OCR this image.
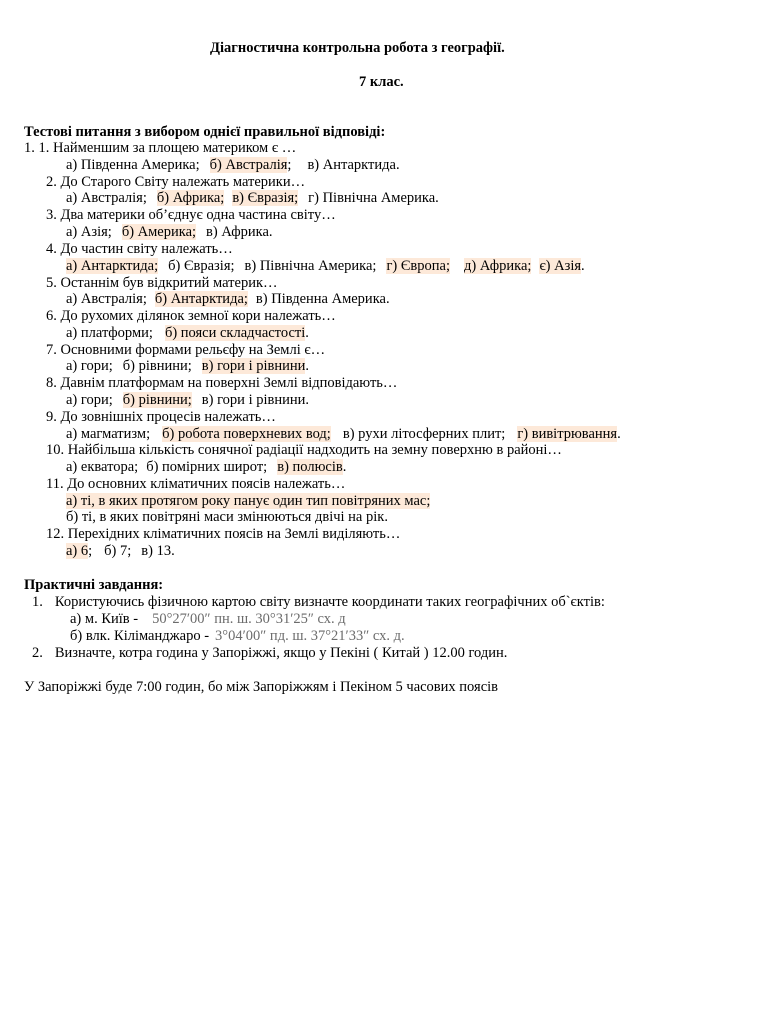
Діагностична контрольна робота з географії.
7 клас.
Тестові питання з вибором однієї правильної відповіді:
1. 1. Найменшим за площею материком є …
а) Південна Америка; б) Австралія; в) Антарктида.
2. До Старого Світу належать материки…
а) Австралія; б) Африка; в) Євразія; г) Північна Америка.
3. Два материки об’єднує одна частина світу…
а) Азія; б) Америка; в) Африка.
4. До частин світу належать…
а) Антарктида; б) Євразія; в) Північна Америка; г) Європа; д) Африка; є) Азія.
5. Останнім був відкритий материк…
а) Австралія; б) Антарктида; в) Південна Америка.
6. До рухомих ділянок земної кори належать…
а) платформи; б) пояси складчастості.
7. Основними формами рельєфу на Землі є…
а) гори; б) рівнини; в) гори і рівнини.
8. Давнім платформам на поверхні Землі відповідають…
а) гори; б) рівнини; в) гори і рівнини.
9. До зовнішніх процесів належать…
а) магматизм; б) робота поверхневих вод; в) рухи літосферних плит; г) вивітрювання.
10. Найбільша кількість сонячної радіації надходить на земну поверхню в районі…
а) екватора; б) помірних широт; в) полюсів.
11. До основних кліматичних поясів належать…
а) ті, в яких протягом року панує один тип повітряних мас;
б) ті, в яких повітряні маси змінюються двічі на рік.
12. Перехідних кліматичних поясів на Землі виділяють…
а) 6; б) 7; в) 13.
Практичні завдання:
1. Користуючись фізичною картою світу визначте координати таких географічних об`єктів:
а) м. Київ - 50°27′00″ пн. ш. 30°31′25″ сх. д
б) влк. Кіліманджаро - 3°04′00″ пд. ш. 37°21′33″ сх. д.
2. Визначте, котра година у Запоріжжі, якщо у Пекіні ( Китай ) 12.00 годин.
У Запоріжжі буде 7:00 годин, бо між Запоріжжям і Пекіном 5 часових поясів
